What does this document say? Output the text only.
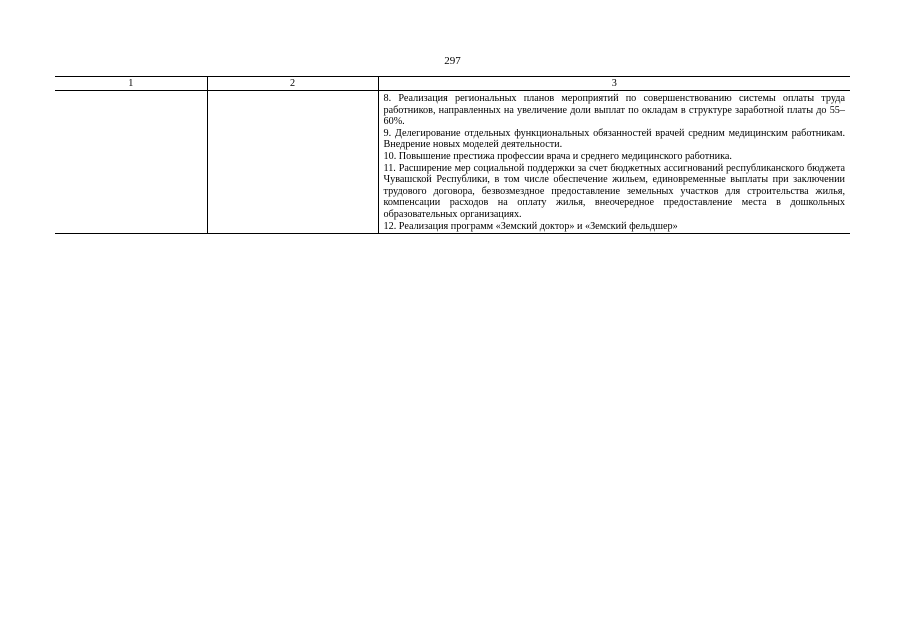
297
1	2	3

		8. Реализация региональных планов мероприятий по совершенствованию системы оплаты труда работников, направленных на увеличение доли выплат по окладам в структуре заработной платы до 55–60%.

9. Делегирование отдельных функциональных обязанностей врачей средним медицинским работникам. Внедрение новых моделей деятельности.

10. Повышение престижа профессии врача и среднего медицинского работника.

11. Расширение мер социальной поддержки за счет бюджетных ассигнований республиканского бюджета Чувашской Республики, в том числе обеспечение жильем, единовременные выплаты при заключении трудового договора, безвозмездное предоставление земельных участков для строительства жилья, компенсации расходов на оплату жилья, внеочередное предоставление места в дошкольных образовательных организациях.

12. Реализация программ «Земский доктор» и «Земский фельдшер»
